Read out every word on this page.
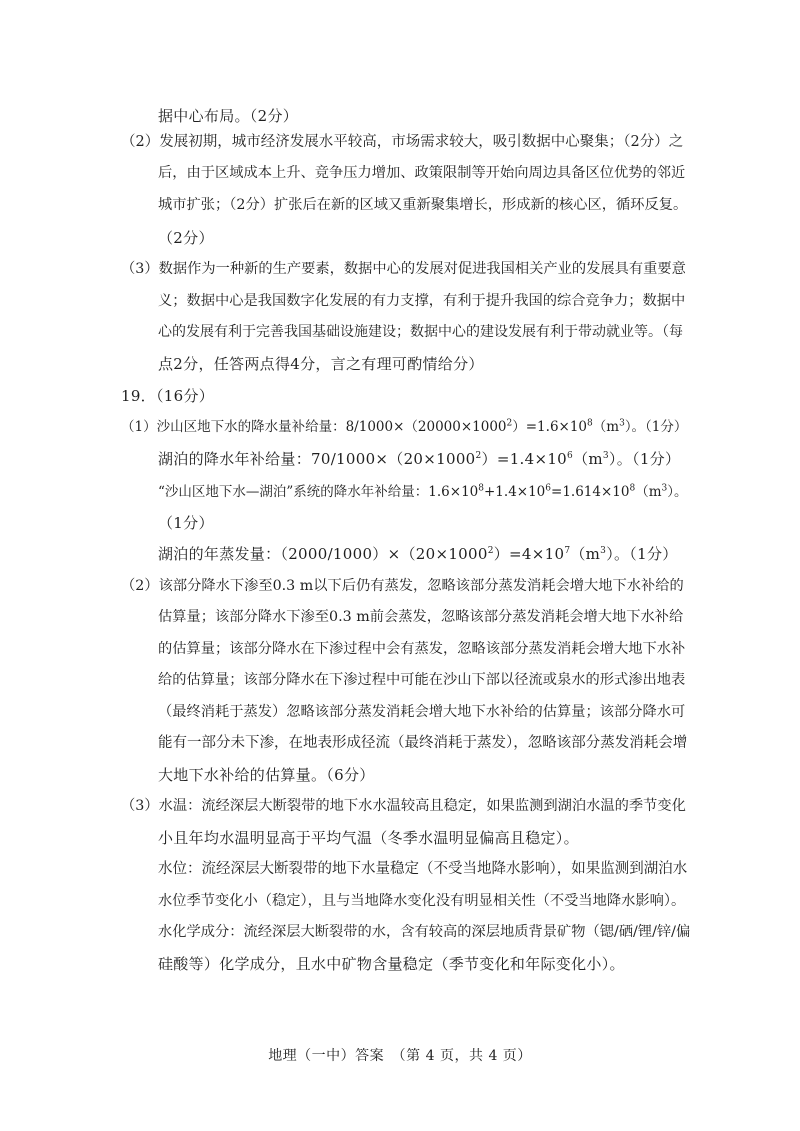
据中心布局。（2分）
（2）发展初期，城市经济发展水平较高，市场需求较大，吸引数据中心聚集；（2分）之
后，由于区域成本上升、竞争压力增加、政策限制等开始向周边具备区位优势的邻近
城市扩张；（2分）扩张后在新的区域又重新聚集增长，形成新的核心区，循环反复。
（2分）
（3）数据作为一种新的生产要素，数据中心的发展对促进我国相关产业的发展具有重要意
义；数据中心是我国数字化发展的有力支撑，有利于提升我国的综合竞争力；数据中
心的发展有利于完善我国基础设施建设；数据中心的建设发展有利于带动就业等。（每
点2分，任答两点得4分，言之有理可酌情给分）
19．（16分）
（1）沙山区地下水的降水量补给量：$8/1000\times(20000\times 1000^2)=1.6\times 10^8(m^3)$。（1分）
湖泊的降水年补给量：$70/1000\times(20\times 1000^2)=1.4\times 10^6(m^3)$。（1分）
“沙山区地下水—湖泊”系统的降水年补给量：$1.6\times 10^8+1.4\times 10^6=1.614\times 10^8(m^3)$。
（1分）
湖泊的年蒸发量：$(2000/1000)\times(20\times 1000^2)=4\times 10^7(m^3)$。（1分）
（2）该部分降水下渗至0.3 m以下后仍有蒸发，忽略该部分蒸发消耗会增大地下水补给的
估算量；该部分降水下渗至0.3 m前会蒸发，忽略该部分蒸发消耗会增大地下水补给
的估算量；该部分降水在下渗过程中会有蒸发，忽略该部分蒸发消耗会增大地下水补
给的估算量；该部分降水在下渗过程中可能在沙山下部以径流或泉水的形式渗出地表
（最终消耗于蒸发）忽略该部分蒸发消耗会增大地下水补给的估算量；该部分降水可
能有一部分未下渗，在地表形成径流（最终消耗于蒸发），忽略该部分蒸发消耗会增
大地下水补给的估算量。（6分）
（3）水温：流经深层大断裂带的地下水水温较高且稳定，如果监测到湖泊水温的季节变化
小且年均水温明显高于平均气温（冬季水温明显偏高且稳定）。
水位：流经深层大断裂带的地下水量稳定（不受当地降水影响），如果监测到湖泊水
水位季节变化小（稳定），且与当地降水变化没有明显相关性（不受当地降水影响）。
水化学成分：流经深层大断裂带的水，含有较高的深层地质背景矿物（锶/硒/锂/锌/偏
硅酸等）化学成分，且水中矿物含量稳定（季节变化和年际变化小）。
地理（一中）答案　（第 4 页，共 4 页）
